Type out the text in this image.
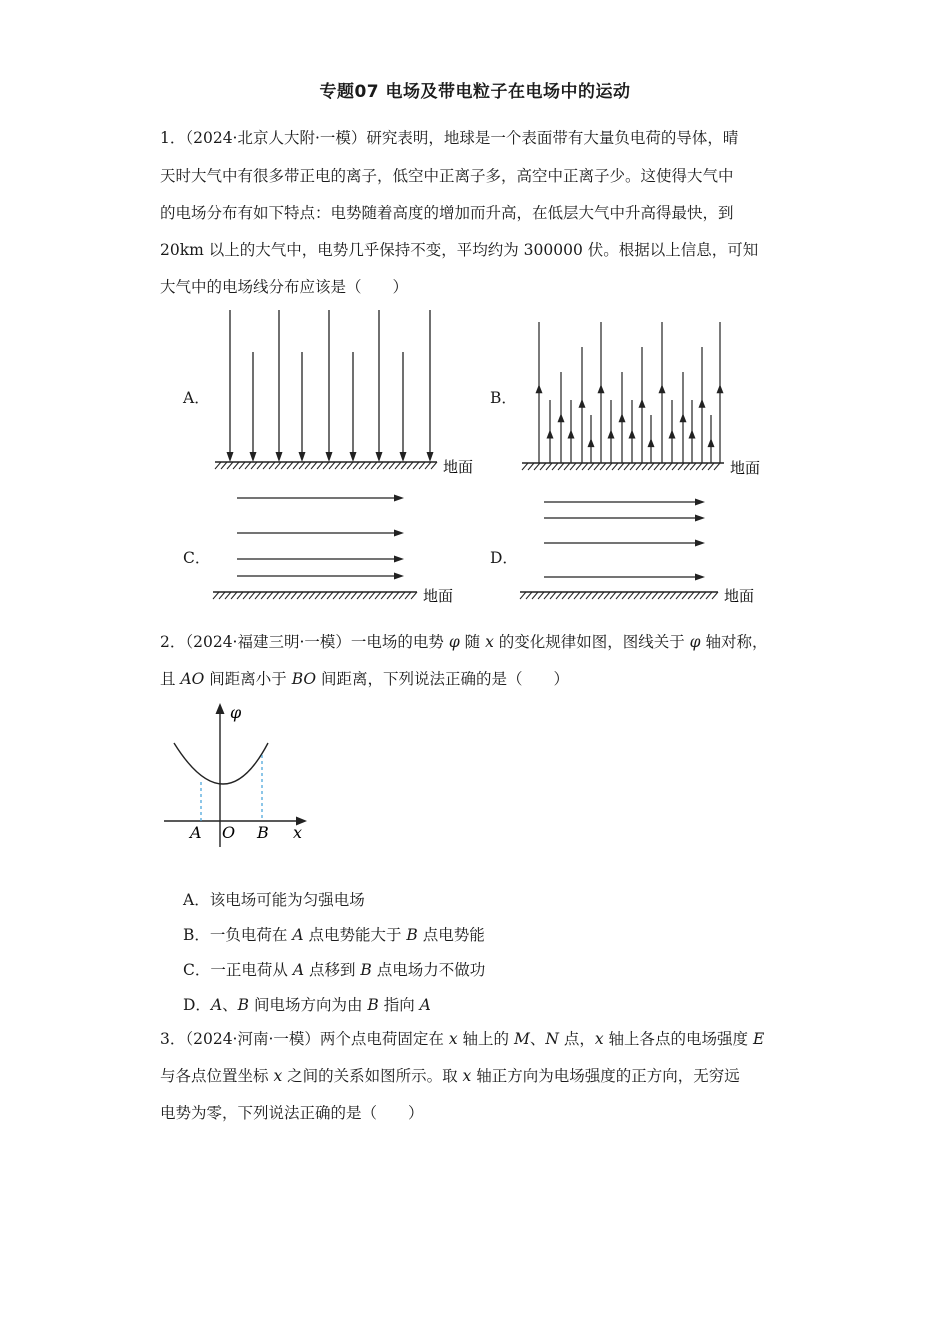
专题07 电场及带电粒子在电场中的运动
1．（2024·北京人大附·一模）研究表明，地球是一个表面带有大量负电荷的导体，晴
天时大气中有很多带正电的离子，低空中正离子多，高空中正离子少。这使得大气中
的电场分布有如下特点：电势随着高度的增加而升高，在低层大气中升高得最快，到
20km 以上的大气中，电势几乎保持不变，平均约为 300000 伏。根据以上信息，可知
大气中的电场线分布应该是（　　）
A．	B．
C．	D．
地面	地面
地面	地面
2．（2024·福建三明·一模）一电场的电势 φ 随 x 的变化规律如图，图线关于 φ 轴对称，
且 AO 间距离小于 BO 间距离，下列说法正确的是（　　）
φ
A O B x
A．该电场可能为匀强电场
B．一负电荷在 A 点电势能大于 B 点电势能
C．一正电荷从 A 点移到 B 点电场力不做功
D．A、B 间电场方向为由 B 指向 A
3．（2024·河南·一模）两个点电荷固定在 x 轴上的 M、N 点，x 轴上各点的电场强度 E
与各点位置坐标 x 之间的关系如图所示。取 x 轴正方向为电场强度的正方向，无穷远
电势为零，下列说法正确的是（　　）
